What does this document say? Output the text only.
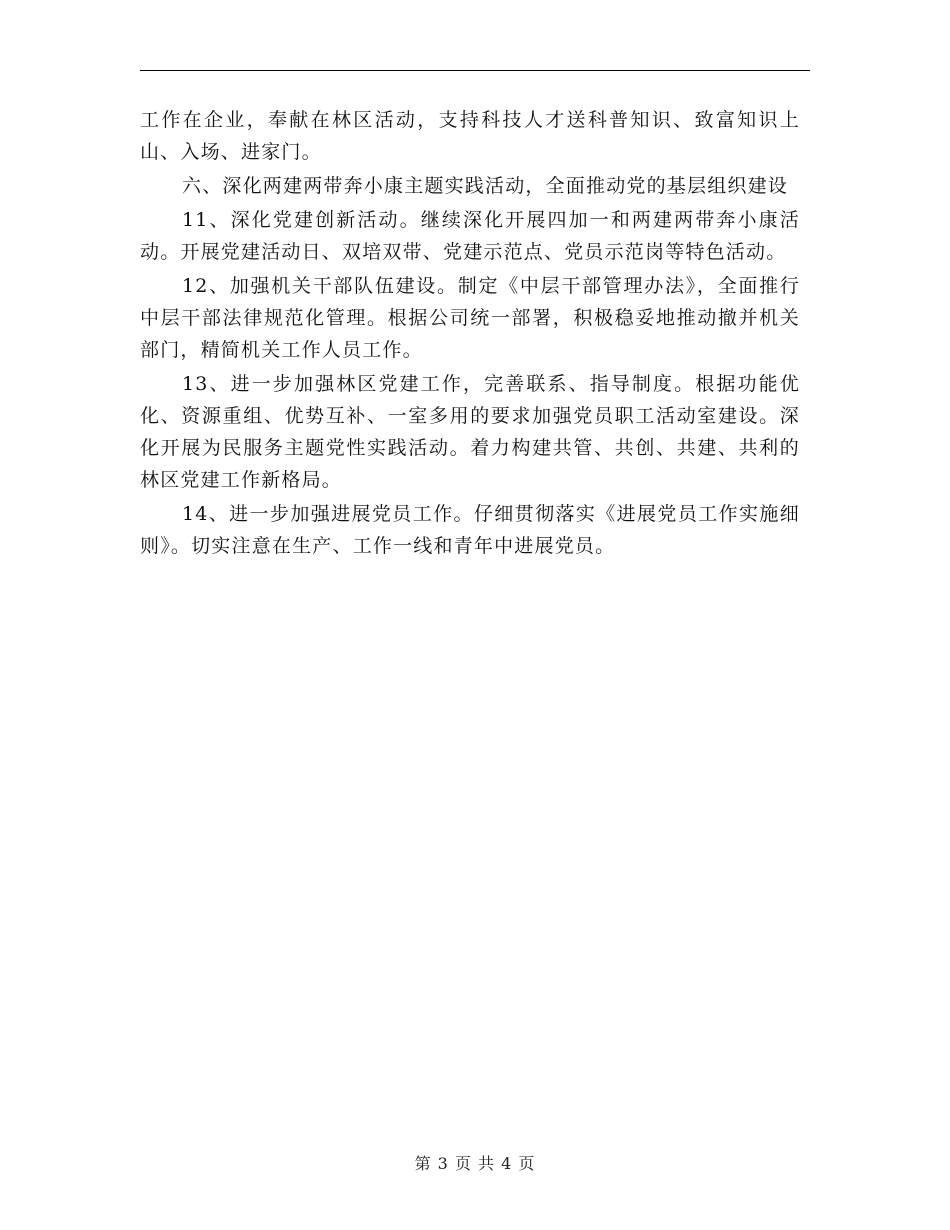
工作在企业，奉献在林区活动，支持科技人才送科普知识、致富知识上山、入场、进家门。

六、深化两建两带奔小康主题实践活动，全面推动党的基层组织建设

11、深化党建创新活动。继续深化开展四加一和两建两带奔小康活动。开展党建活动日、双培双带、党建示范点、党员示范岗等特色活动。

12、加强机关干部队伍建设。制定《中层干部管理办法》，全面推行中层干部法律规范化管理。根据公司统一部署，积极稳妥地推动撤并机关部门，精简机关工作人员工作。

13、进一步加强林区党建工作，完善联系、指导制度。根据功能优化、资源重组、优势互补、一室多用的要求加强党员职工活动室建设。深化开展为民服务主题党性实践活动。着力构建共管、共创、共建、共利的林区党建工作新格局。

14、进一步加强进展党员工作。仔细贯彻落实《进展党员工作实施细则》。切实注意在生产、工作一线和青年中进展党员。

第 3 页 共 4 页
